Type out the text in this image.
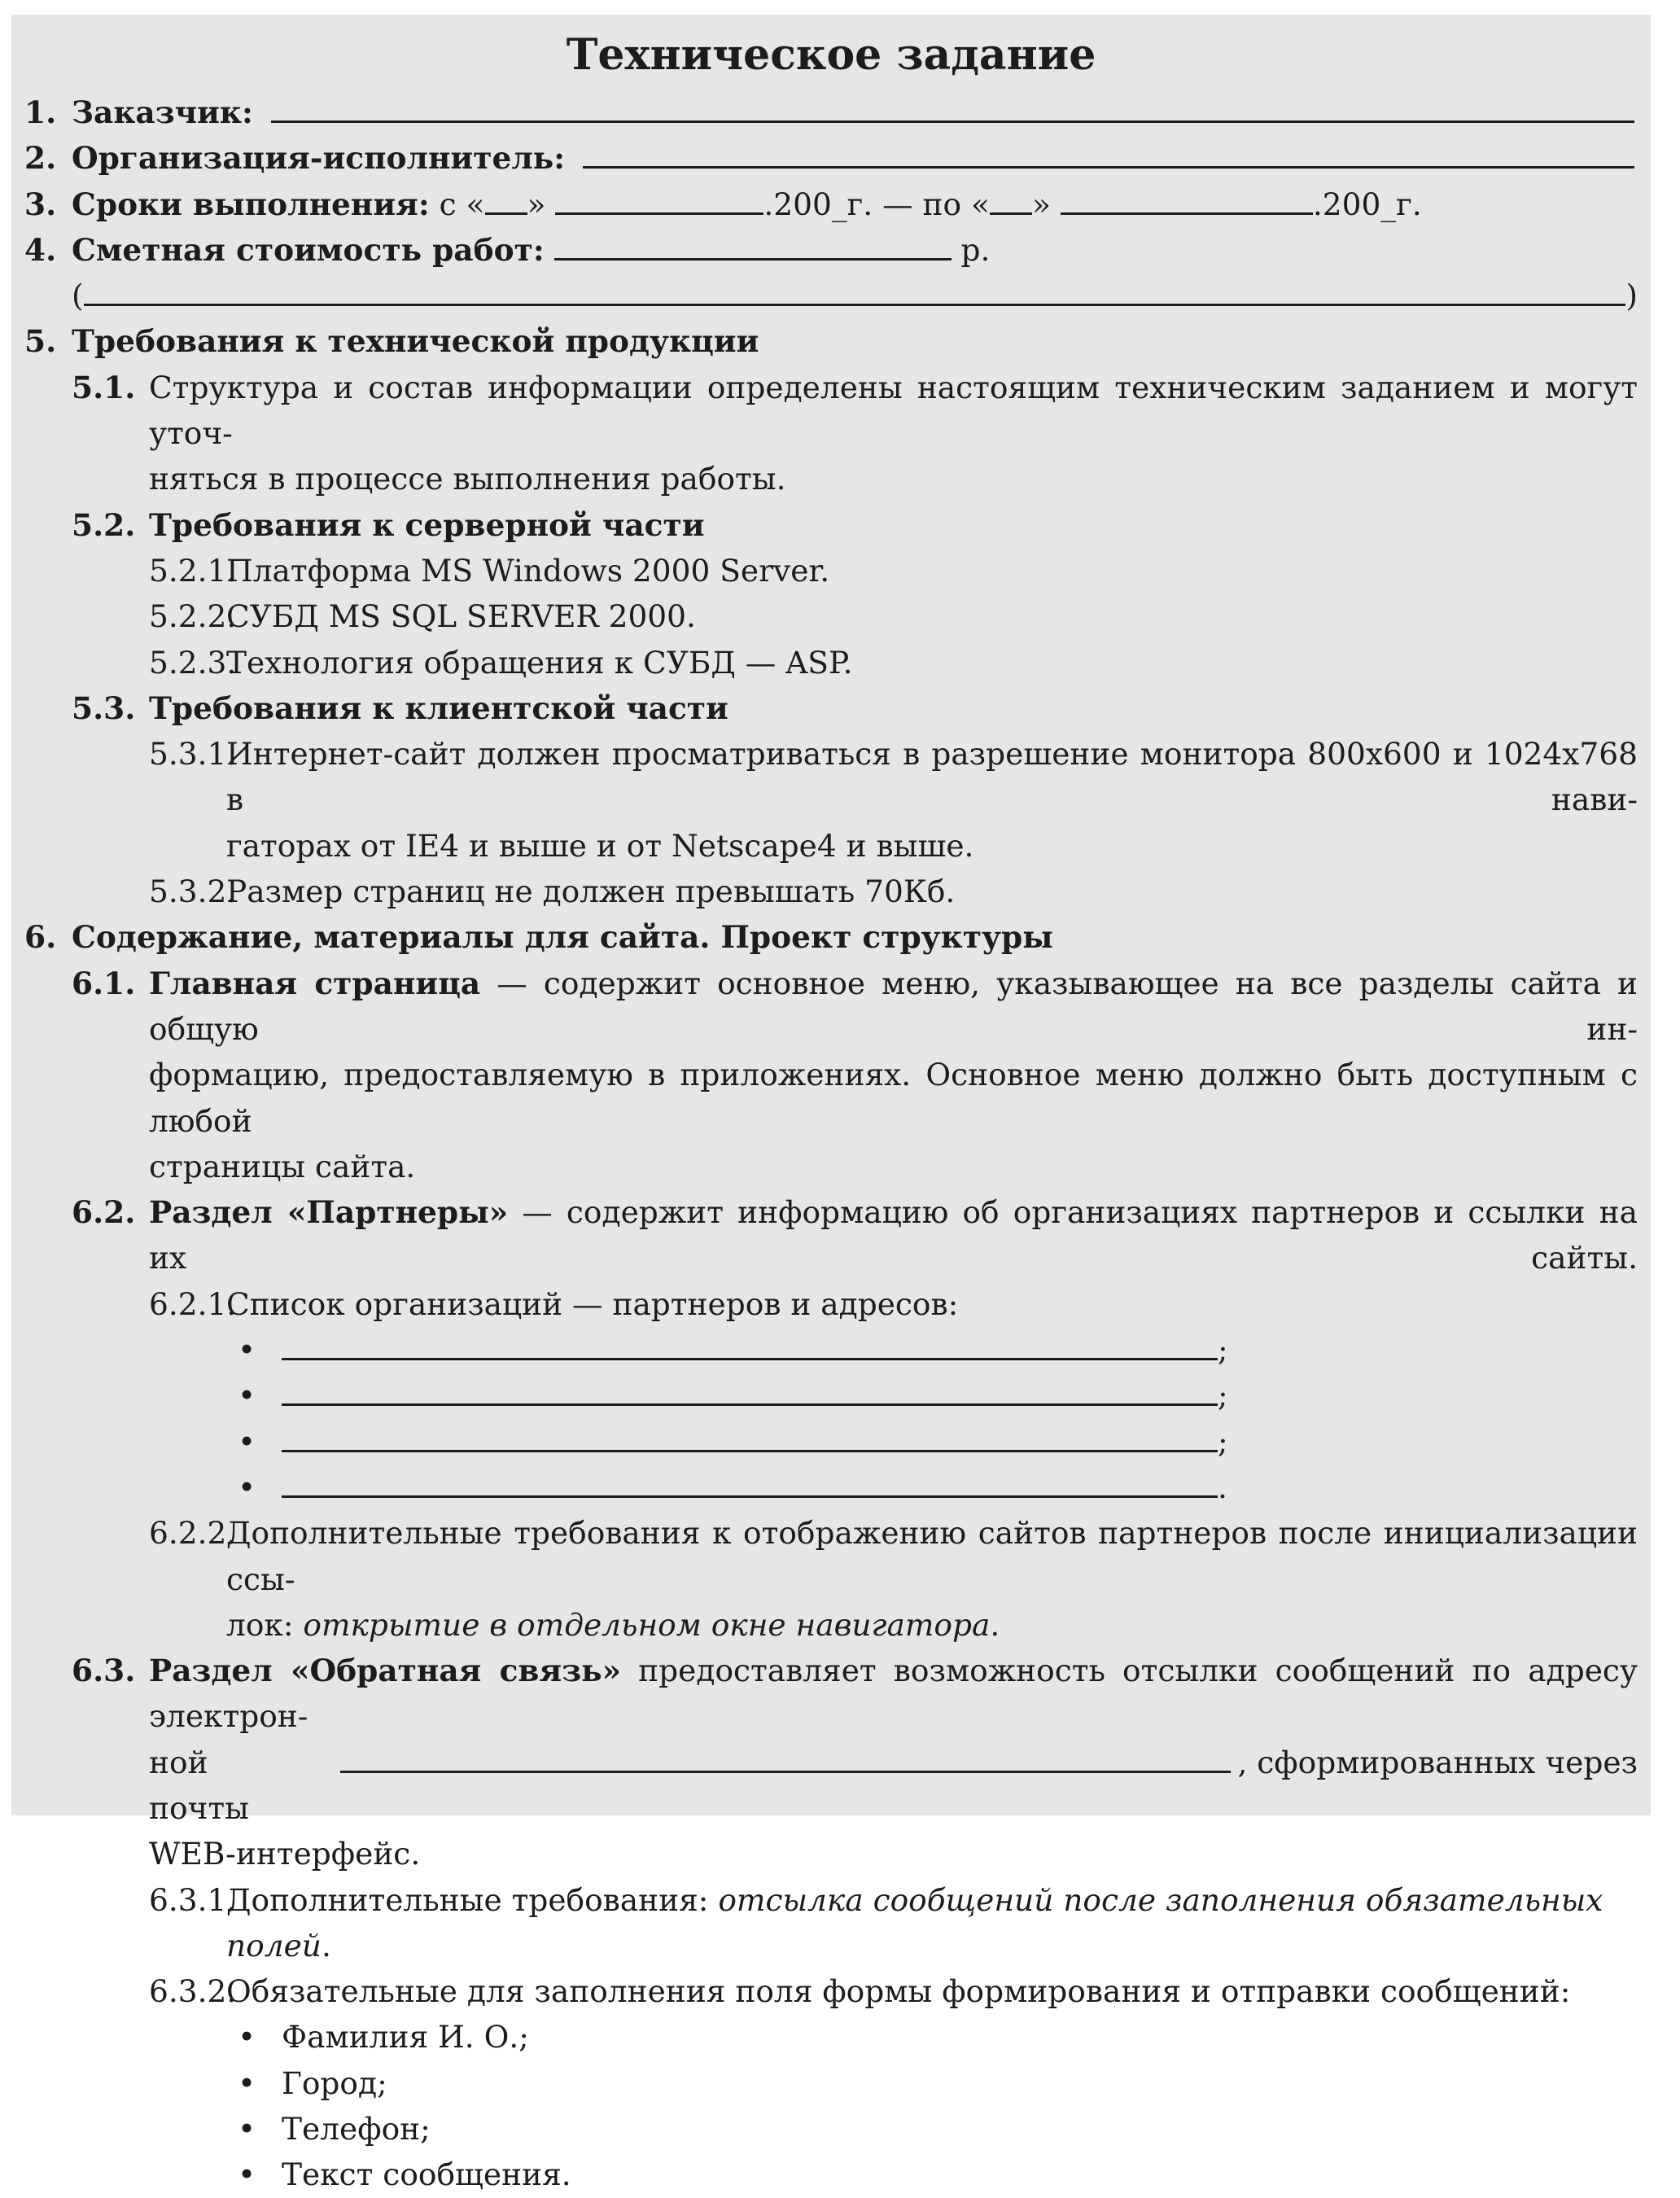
Техническое задание
1. Заказчик:
2. Организация-исполнитель:
3. Сроки выполнения: с « »	.200_г. — по « »	.200_г.
4. Сметная стоимость работ:	р.
(	)
5. Требования к технической продукции
5.1. Структура и состав информации определены настоящим техническим заданием и могут уточ-
няться в процессе выполнения работы.
5.2. Требования к серверной части
5.2.1.
Платформа MS Windows 2000 Server.
5.2.2.
СУБД MS SQL SERVER 2000.
5.2.3.
Технология обращения к СУБД — ASP.
5.3. Требования к клиентской части
5.3.1.
Интернет-сайт должен просматриваться в разрешение монитора 800x600 и 1024x768 в нави-
гаторах от IE4 и выше и от Netscape4 и выше.
5.3.2.
Размер страниц не должен превышать 70Кб.
6. Содержание, материалы для сайта. Проект структуры
6.1. Главная страница — содержит основное меню, указывающее на все разделы сайта и общую ин-
формацию, предоставляемую в приложениях. Основное меню должно быть доступным с любой
страницы сайта.
6.2. Раздел «Партнеры» — содержит информацию об организациях партнеров и ссылки на их сайты.
6.2.1.
Список организаций — партнеров и адресов:
•	;
•	;
•	;
•	.
6.2.2.
Дополнительные требования к отображению сайтов партнеров после инициализации ссы-
лок: открытие в отдельном окне навигатора.
6.3. Раздел «Обратная связь» предоставляет возможность отсылки сообщений по адресу электрон-
ной почты
, сформированных через
WEB-интерфейс.
6.3.1.
Дополнительные требования: отсылка сообщений после заполнения обязательных полей.
6.3.2.
Обязательные для заполнения поля формы формирования и отправки сообщений:
• Фамилия И. О.;
• Город;
• Телефон;
• Текст сообщения.
